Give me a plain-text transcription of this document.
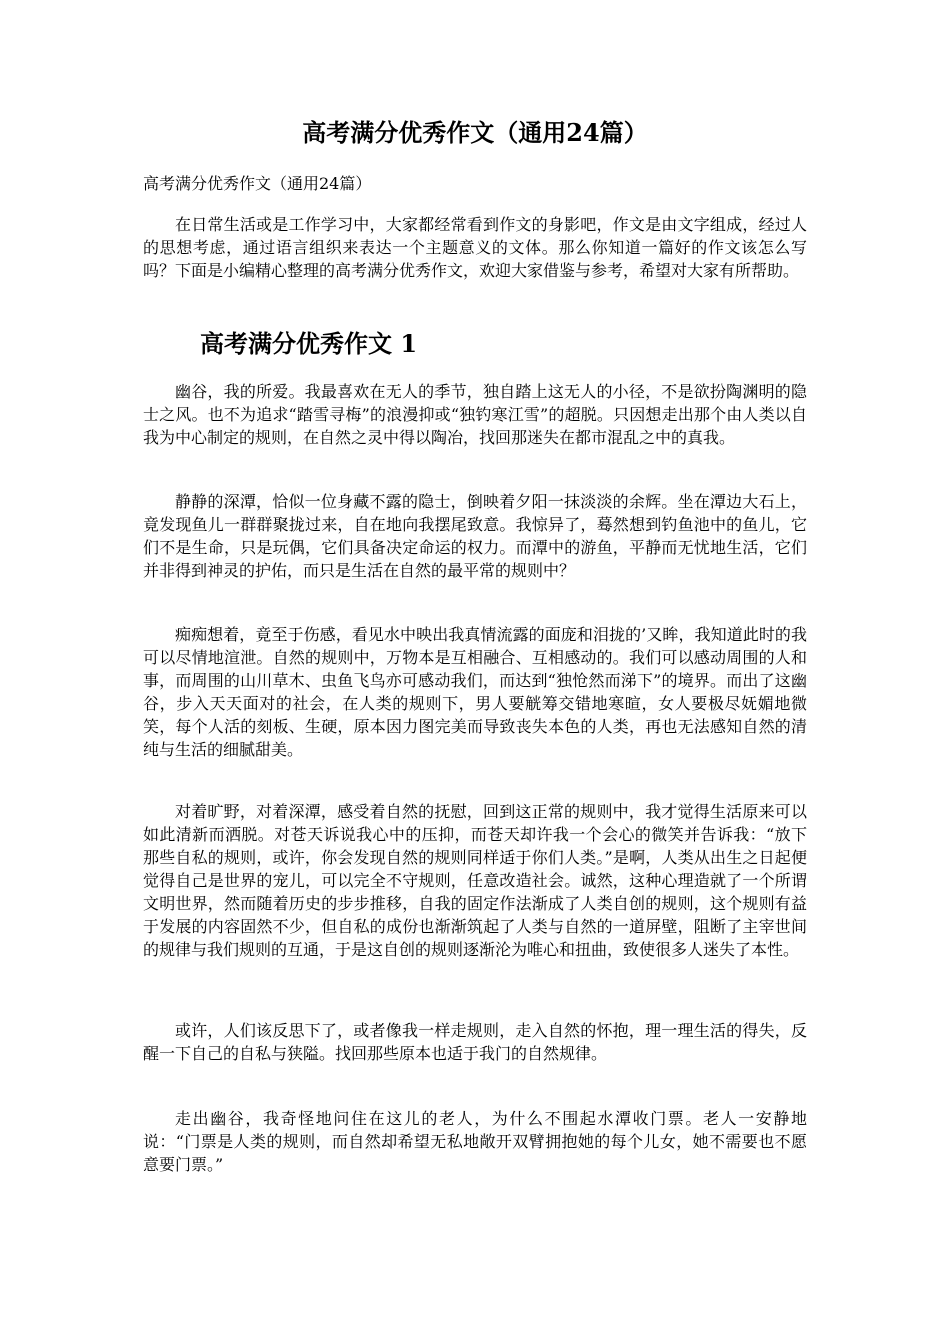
高考满分优秀作文（通用24篇）

高考满分优秀作文（通用24篇）

在日常生活或是工作学习中，大家都经常看到作文的身影吧，作文是由文字组成，经过人的思想考虑，通过语言组织来表达一个主题意义的文体。那么你知道一篇好的作文该怎么写吗？下面是小编精心整理的高考满分优秀作文，欢迎大家借鉴与参考，希望对大家有所帮助。

高考满分优秀作文 1

幽谷，我的所爱。我最喜欢在无人的季节，独自踏上这无人的小径，不是欲扮陶渊明的隐士之风。也不为追求“踏雪寻梅”的浪漫抑或“独钓寒江雪”的超脱。只因想走出那个由人类以自我为中心制定的规则，在自然之灵中得以陶冶，找回那迷失在都市混乱之中的真我。

静静的深潭，恰似一位身藏不露的隐士，倒映着夕阳一抹淡淡的余辉。坐在潭边大石上，竟发现鱼儿一群群聚拢过来，自在地向我摆尾致意。我惊异了，蓦然想到钓鱼池中的鱼儿，它们不是生命，只是玩偶，它们具备决定命运的权力。而潭中的游鱼，平静而无忧地生活，它们并非得到神灵的护佑，而只是生活在自然的最平常的规则中？

痴痴想着，竟至于伤感，看见水中映出我真情流露的面庞和泪拢的’又眸，我知道此时的我可以尽情地渲泄。自然的规则中，万物本是互相融合、互相感动的。我们可以感动周围的人和事，而周围的山川草木、虫鱼飞鸟亦可感动我们，而达到“独怆然而涕下”的境界。而出了这幽谷，步入天天面对的社会，在人类的规则下，男人要觥筹交错地寒暄，女人要极尽妩媚地微笑，每个人活的刻板、生硬，原本因力图完美而导致丧失本色的人类，再也无法感知自然的清纯与生活的细腻甜美。

对着旷野，对着深潭，感受着自然的抚慰，回到这正常的规则中，我才觉得生活原来可以如此清新而洒脱。对苍天诉说我心中的压抑，而苍天却许我一个会心的微笑并告诉我：“放下那些自私的规则，或许，你会发现自然的规则同样适于你们人类。”是啊，人类从出生之日起便觉得自己是世界的宠儿，可以完全不守规则，任意改造社会。诚然，这种心理造就了一个所谓文明世界，然而随着历史的步步推移，自我的固定作法渐成了人类自创的规则，这个规则有益于发展的内容固然不少，但自私的成份也渐渐筑起了人类与自然的一道屏壁，阻断了主宰世间的规律与我们规则的互通，于是这自创的规则逐渐沦为唯心和扭曲，致使很多人迷失了本性。

或许，人们该反思下了，或者像我一样走规则，走入自然的怀抱，理一理生活的得失，反醒一下自己的自私与狭隘。找回那些原本也适于我门的自然规律。

走出幽谷，我奇怪地问住在这儿的老人，为什么不围起水潭收门票。老人一安静地说：“门票是人类的规则，而自然却希望无私地敞开双臂拥抱她的每个儿女，她不需要也不愿意要门票。”
